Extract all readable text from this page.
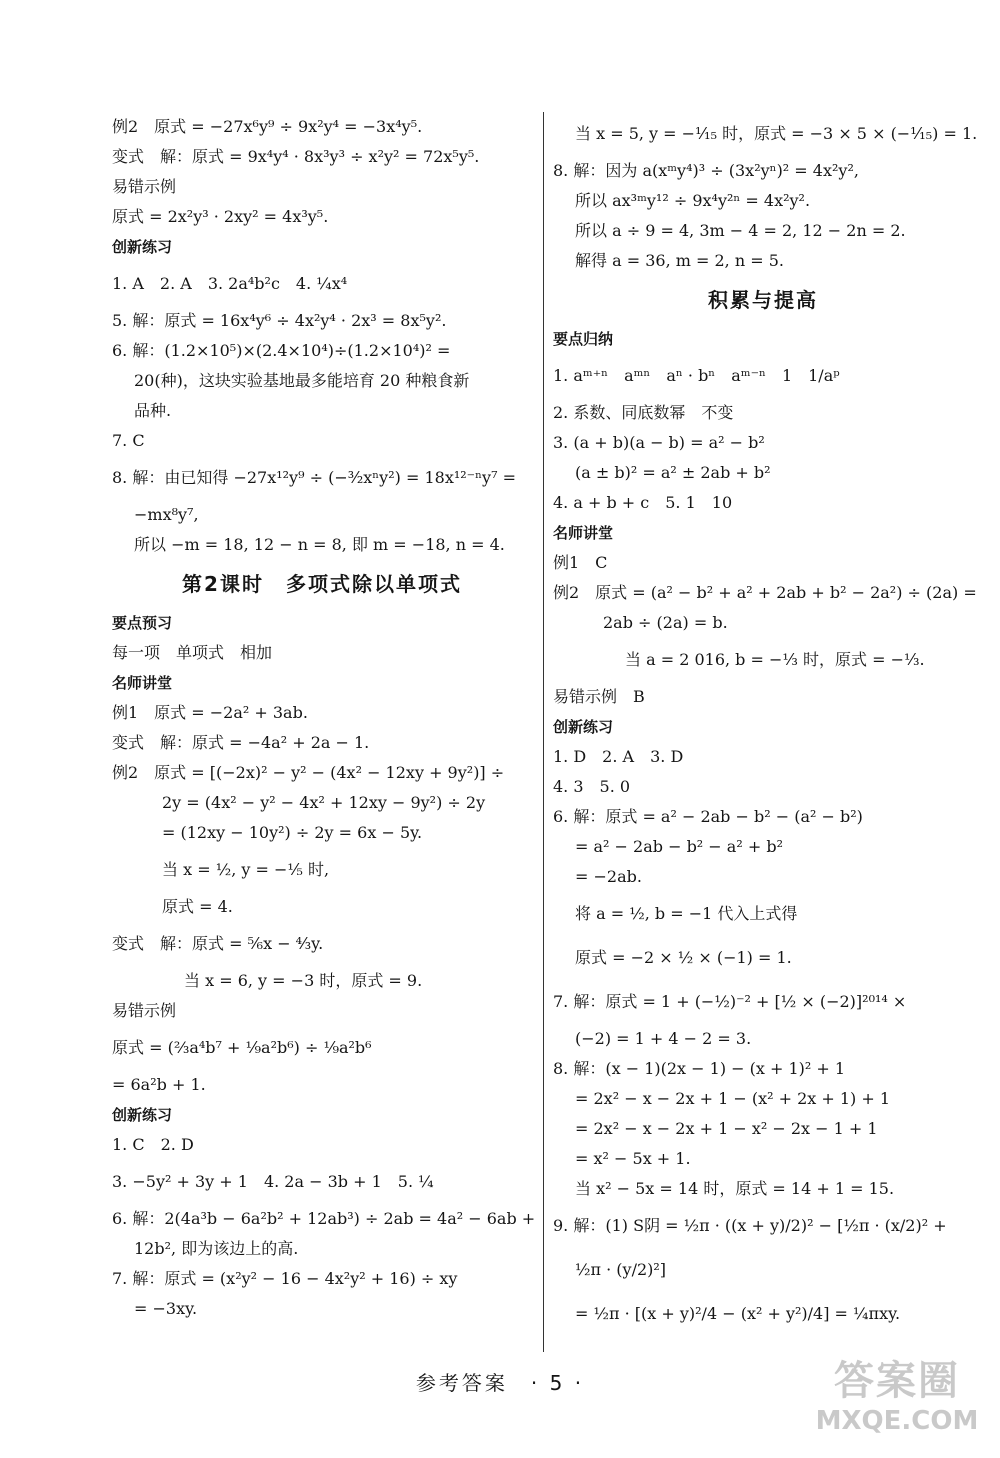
例2　原式 = −27x⁶y⁹ ÷ 9x²y⁴ = −3x⁴y⁵.
变式　解：原式 = 9x⁴y⁴ · 8x³y³ ÷ x²y² = 72x⁵y⁵.
易错示例
原式 = 2x²y³ · 2xy² = 4x³y⁵.
创新练习
1. A　2. A　3. 2a⁴b²c　4. ¼x⁴
5. 解：原式 = 16x⁴y⁶ ÷ 4x²y⁴ · 2x³ = 8x⁵y².
6. 解：(1.2×10⁵)×(2.4×10⁴)÷(1.2×10⁴)² =
20(种)，这块实验基地最多能培育 20 种粮食新
品种.
7. C
8. 解：由已知得 −27x¹²y⁹ ÷ (−³⁄₂xⁿy²) = 18x¹²⁻ⁿy⁷ =
−mx⁸y⁷,
所以 −m = 18, 12 − n = 8, 即 m = −18, n = 4.
第2课时　多项式除以单项式
要点预习
每一项　单项式　相加
名师讲堂
例1　原式 = −2a² + 3ab.
变式　解：原式 = −4a² + 2a − 1.
例2　原式 = [(−2x)² − y² − (4x² − 12xy + 9y²)] ÷
2y = (4x² − y² − 4x² + 12xy − 9y²) ÷ 2y
= (12xy − 10y²) ÷ 2y = 6x − 5y.
当 x = ½, y = −⅕ 时,
原式 = 4.
变式　解：原式 = ⁵⁄₆x − ⁴⁄₃y.
当 x = 6, y = −3 时，原式 = 9.
易错示例
原式 = (⅔a⁴b⁷ + ⅑a²b⁶) ÷ ⅑a²b⁶
= 6a²b + 1.
创新练习
1. C　2. D
3. −5y² + 3y + 1　4. 2a − 3b + 1　5. ¼
6. 解：2(4a³b − 6a²b² + 12ab³) ÷ 2ab = 4a² − 6ab +
12b², 即为该边上的高.
7. 解：原式 = (x²y² − 16 − 4x²y² + 16) ÷ xy
= −3xy.
当 x = 5, y = −¹⁄₁₅ 时，原式 = −3 × 5 × (−¹⁄₁₅) = 1.
8. 解：因为 a(xᵐy⁴)³ ÷ (3x²yⁿ)² = 4x²y²,
所以 ax³ᵐy¹² ÷ 9x⁴y²ⁿ = 4x²y².
所以 a ÷ 9 = 4, 3m − 4 = 2, 12 − 2n = 2.
解得 a = 36, m = 2, n = 5.
积累与提高
要点归纳
1. aᵐ⁺ⁿ　aᵐⁿ　aⁿ · bⁿ　aᵐ⁻ⁿ　1　1/aᵖ
2. 系数、同底数幂　不变
3. (a + b)(a − b) = a² − b²
(a ± b)² = a² ± 2ab + b²
4. a + b + c　5. 1　10
名师讲堂
例1　C
例2　原式 = (a² − b² + a² + 2ab + b² − 2a²) ÷ (2a) =
2ab ÷ (2a) = b.
当 a = 2 016, b = −⅓ 时，原式 = −⅓.
易错示例　B
创新练习
1. D　2. A　3. D
4. 3　5. 0
6. 解：原式 = a² − 2ab − b² − (a² − b²)
= a² − 2ab − b² − a² + b²
= −2ab.
将 a = ½, b = −1 代入上式得
原式 = −2 × ½ × (−1) = 1.
7. 解：原式 = 1 + (−½)⁻² + [½ × (−2)]²⁰¹⁴ ×
(−2) = 1 + 4 − 2 = 3.
8. 解：(x − 1)(2x − 1) − (x + 1)² + 1
= 2x² − x − 2x + 1 − (x² + 2x + 1) + 1
= 2x² − x − 2x + 1 − x² − 2x − 1 + 1
= x² − 5x + 1.
当 x² − 5x = 14 时，原式 = 14 + 1 = 15.
9. 解：(1) S阴 = ½π · ((x + y)/2)² − [½π · (x/2)² +
½π · (y/2)²]
= ½π · [(x + y)²/4 − (x² + y²)/4] = ¼πxy.
参考答案　· 5 ·	答案圈
MXQE.COM
